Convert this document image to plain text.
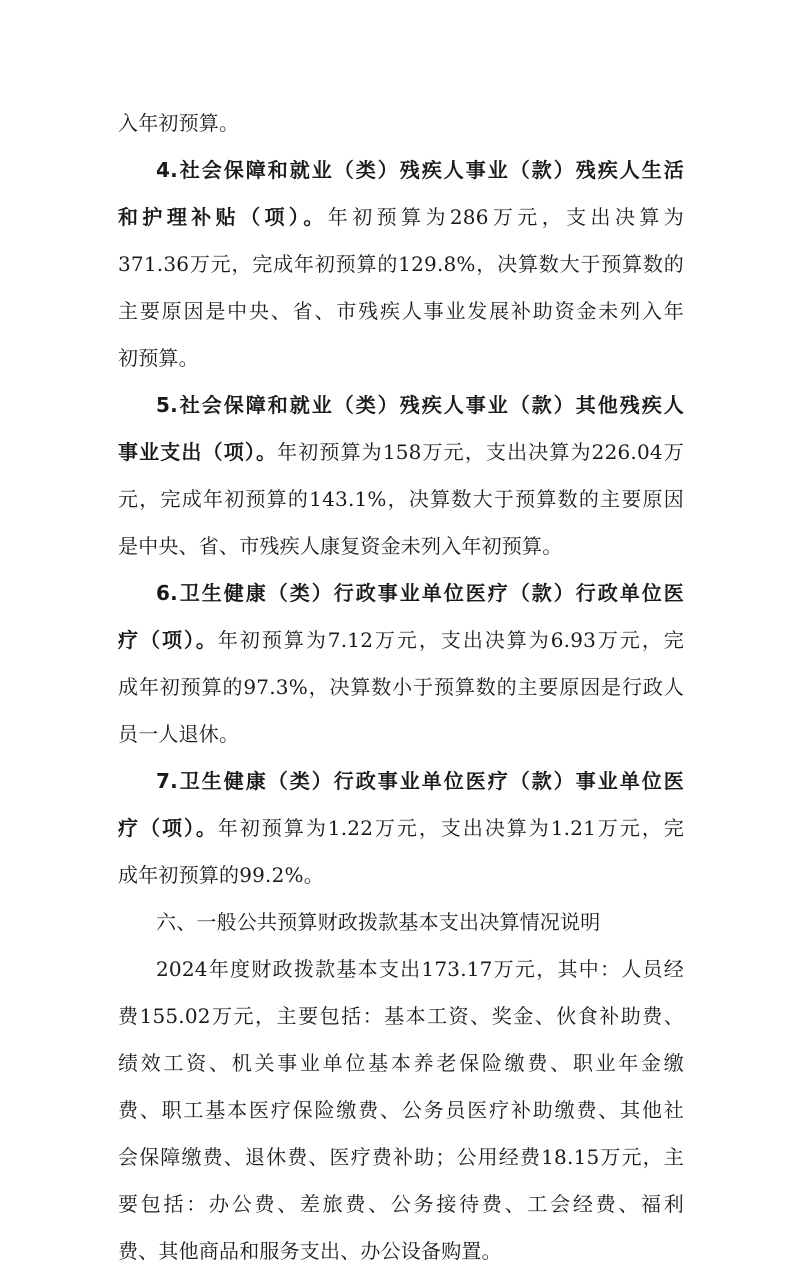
入年初预算。
4.社会保障和就业（类）残疾人事业（款）残疾人生活
和护理补贴（项）。年初预算为286万元，支出决算为
371.36万元，完成年初预算的129.8%，决算数大于预算数的
主要原因是中央、省、市残疾人事业发展补助资金未列入年
初预算。
5.社会保障和就业（类）残疾人事业（款）其他残疾人
事业支出（项）。年初预算为158万元，支出决算为226.04万
元，完成年初预算的143.1%，决算数大于预算数的主要原因
是中央、省、市残疾人康复资金未列入年初预算。
6.卫生健康（类）行政事业单位医疗（款）行政单位医
疗（项）。年初预算为7.12万元，支出决算为6.93万元，完
成年初预算的97.3%，决算数小于预算数的主要原因是行政人
员一人退休。
7.卫生健康（类）行政事业单位医疗（款）事业单位医
疗（项）。年初预算为1.22万元，支出决算为1.21万元，完
成年初预算的99.2%。
六、一般公共预算财政拨款基本支出决算情况说明
2024年度财政拨款基本支出173.17万元，其中：人员经
费155.02万元，主要包括：基本工资、奖金、伙食补助费、
绩效工资、机关事业单位基本养老保险缴费、职业年金缴
费、职工基本医疗保险缴费、公务员医疗补助缴费、其他社
会保障缴费、退休费、医疗费补助；公用经费18.15万元，主
要包括：办公费、差旅费、公务接待费、工会经费、福利
费、其他商品和服务支出、办公设备购置。
